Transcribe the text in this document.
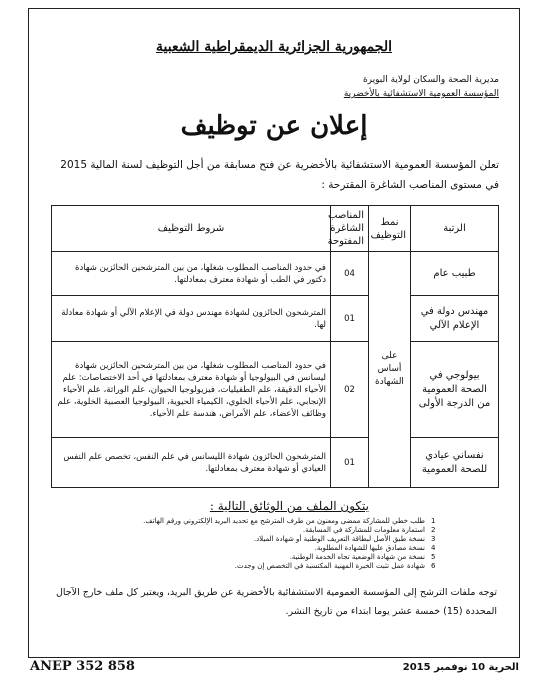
الجمهورية الجزائرية الديمقراطية الشعبية
مديرية الصحة والسكان لولاية البويرة
المؤسسة العمومية الاستشفائية بالأخضرية
إعلان عن توظيف
تعلن المؤسسة العمومية الاستشفائية بالأخضرية عن فتح مسابقة من أجل التوظيف لسنة المالية 2015 في مستوى المناصب الشاغرة المقترحة :
الرتبة	نمط التوظيف	المناصب الشاغرة المفتوحة	شروط التوظيف
طبيب عام	على أساس الشهادة	04	في حدود المناصب المطلوب شغلها، من بين المترشحين الحائزين شهادة دكتور في الطب أو شهادة معترف بمعادلتها.
مهندس دولة في الإعلام الآلي		01	المترشحون الحائزون لشهادة مهندس دولة في الإعلام الآلي أو شهادة معادلة لها.
بيولوجي في الصحة العمومية من الدرجة الأولى		02	في حدود المناصب المطلوب شغلها، من بين المترشحين الحائزين شهادة ليسانس في البيولوجيا أو شهادة معترف بمعادلتها في أحد الاختصاصات: علم الأحياء الدقيقة، علم الطفيليات، فيزيولوجيا الحيوان، علم الوراثة، علم الأحياء الإنجابي، علم الأحياء الخلوي، الكيمياء الحيوية، البيولوجيا العصبية الخلوية، علم وظائف الأعضاء، علم الأمراض، هندسة علم الأحياء.
نفساني عيادي للصحة العمومية		01	المترشحون الحائزون شهادة الليسانس في علم النفس، تخصص علم النفس العيادي أو شهادة معترف بمعادلتها.
يتكون الملف من الوثائق التالية :
1
طلب خطي للمشاركة ممضى ومعنون من طرف المترشح مع تحديد البريد الإلكتروني ورقم الهاتف.
2
استمارة معلومات للمشاركة في المسابقة.
3
نسخة طبق الأصل لبطاقة التعريف الوطنية أو شهادة الميلاد.
4
نسخة مصادق عليها للشهادة المطلوبة.
5
نسخة من شهادة الوضعية تجاه الخدمة الوطنية.
6
شهادة عمل تثبت الخبرة المهنية المكتسبة في التخصص إن وجدت.
توجه ملفات الترشح إلى المؤسسة العمومية الاستشفائية بالأخضرية عن طريق البريد، ويعتبر كل ملف خارج الآجال المحددة (15) خمسة عشر يوما ابتداء من تاريخ النشر.
ANEP 352 858	الحرية 10 نوفمبر 2015
